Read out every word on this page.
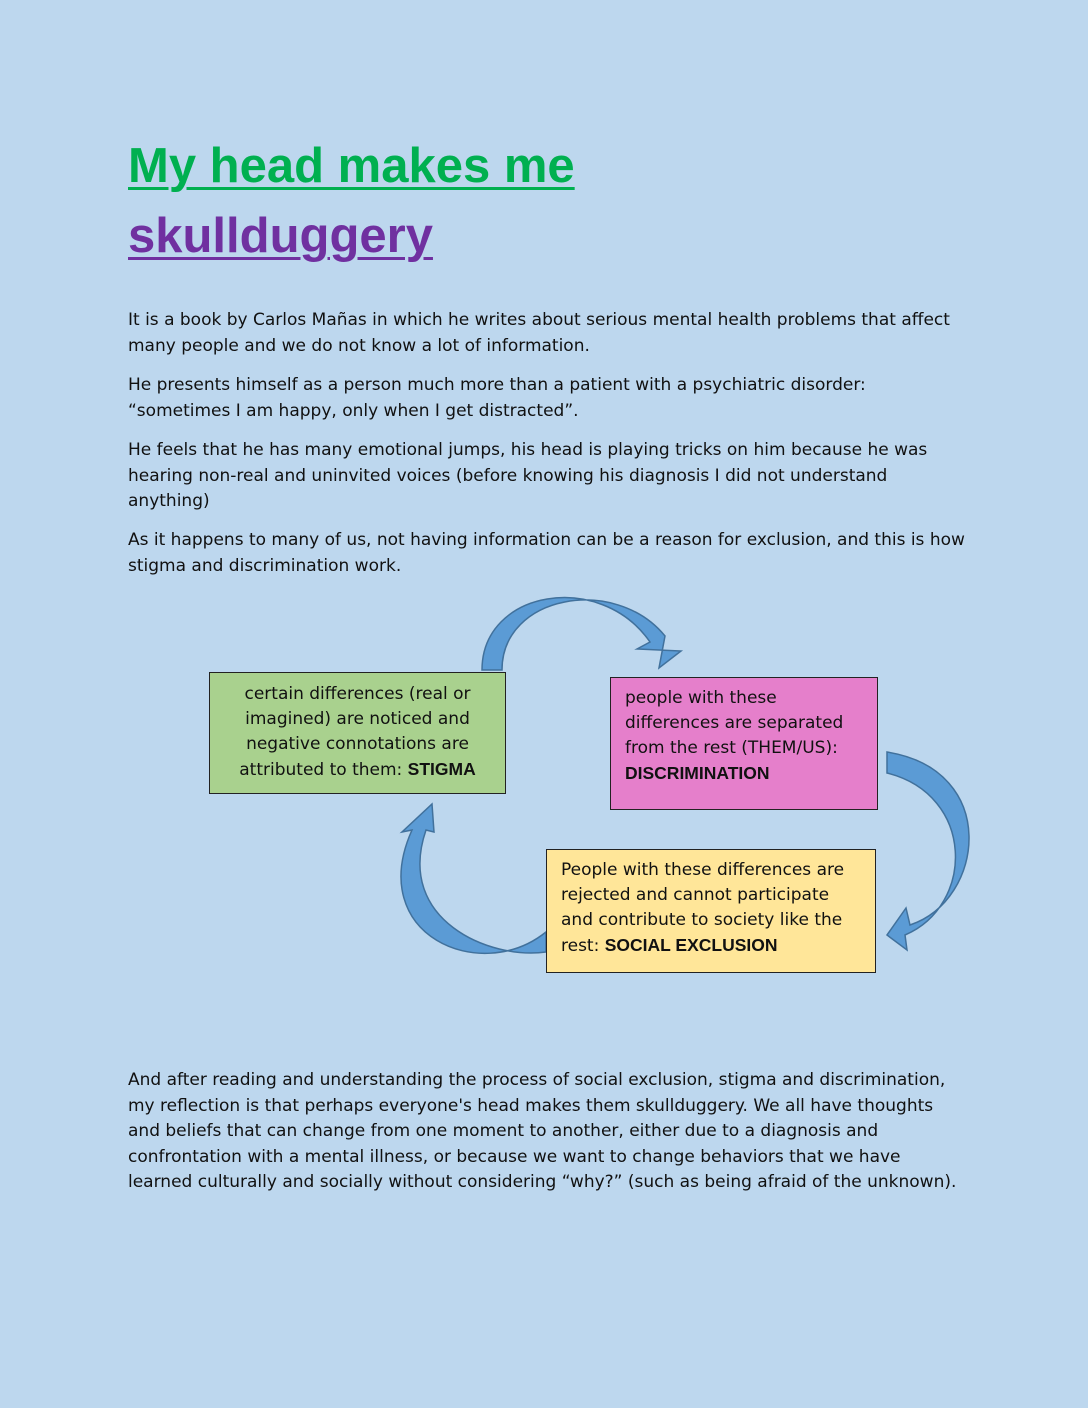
My head makes me
skullduggery

It is a book by Carlos Mañas in which he writes about serious mental health problems that affect many people and we do not know a lot of information.

He presents himself as a person much more than a patient with a psychiatric disorder: “sometimes I am happy, only when I get distracted”.

He feels that he has many emotional jumps, his head is playing tricks on him because he was hearing non-real and uninvited voices (before knowing his diagnosis I did not understand anything)

As it happens to many of us, not having information can be a reason for exclusion, and this is how stigma and discrimination work.

certain differences (real or imagined) are noticed and negative connotations are attributed to them: STIGMA
people with these differences are separated from the rest (THEM/US): DISCRIMINATION
People with these differences are rejected and cannot participate and contribute to society like the rest: SOCIAL EXCLUSION

And after reading and understanding the process of social exclusion, stigma and discrimination, my reflection is that perhaps everyone's head makes them skullduggery. We all have thoughts and beliefs that can change from one moment to another, either due to a diagnosis and confrontation with a mental illness, or because we want to change behaviors that we have learned culturally and socially without considering “why?” (such as being afraid of the unknown).
